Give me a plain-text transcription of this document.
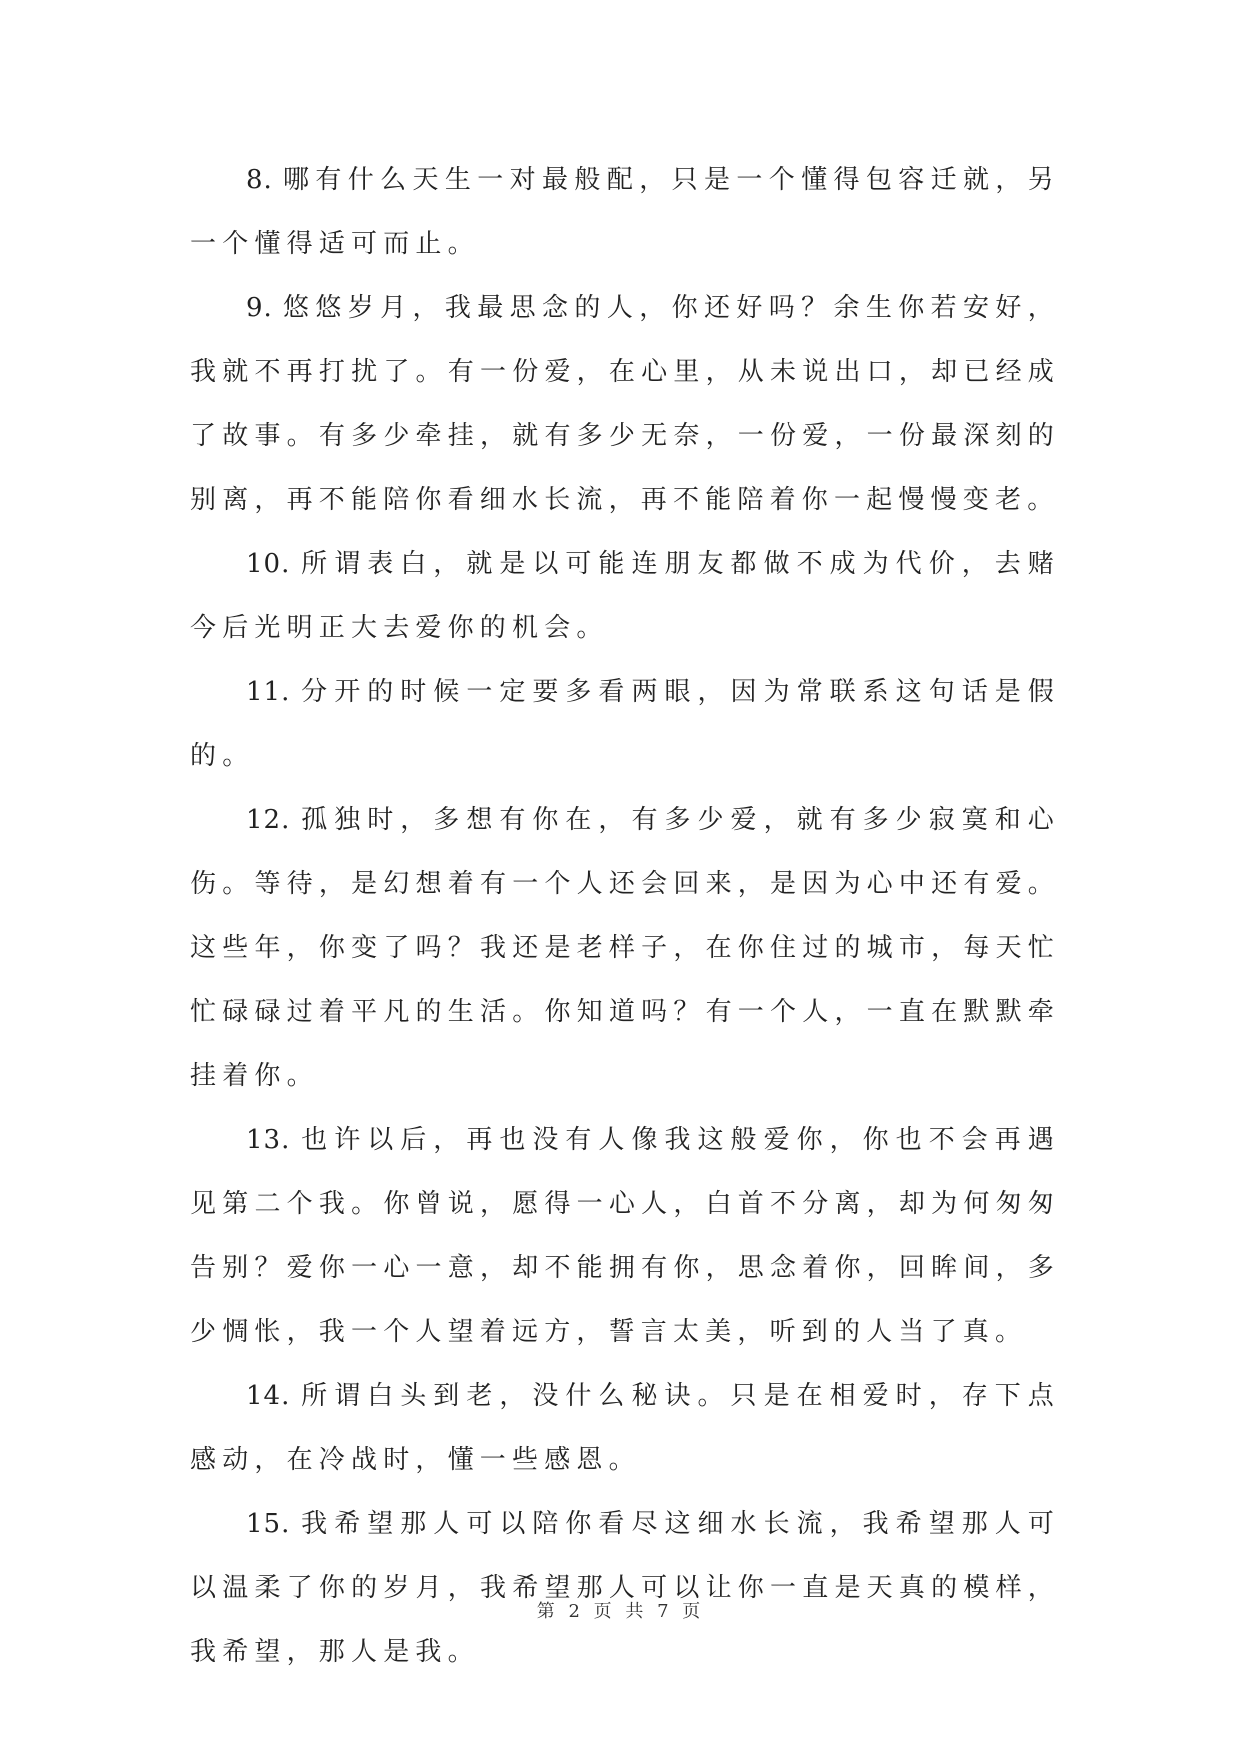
8. 哪有什么天生一对最般配，只是一个懂得包容迁就，另一个懂得适可而止。

9. 悠悠岁月，我最思念的人，你还好吗？余生你若安好，我就不再打扰了。有一份爱，在心里，从未说出口，却已经成了故事。有多少牵挂，就有多少无奈，一份爱，一份最深刻的别离，再不能陪你看细水长流，再不能陪着你一起慢慢变老。

10. 所谓表白，就是以可能连朋友都做不成为代价，去赌今后光明正大去爱你的机会。

11. 分开的时候一定要多看两眼，因为常联系这句话是假的。

12. 孤独时，多想有你在，有多少爱，就有多少寂寞和心伤。等待，是幻想着有一个人还会回来，是因为心中还有爱。这些年，你变了吗？我还是老样子，在你住过的城市，每天忙忙碌碌过着平凡的生活。你知道吗？有一个人，一直在默默牵挂着你。

13. 也许以后，再也没有人像我这般爱你，你也不会再遇见第二个我。你曾说，愿得一心人，白首不分离，却为何匆匆告别？爱你一心一意，却不能拥有你，思念着你，回眸间，多少惆怅，我一个人望着远方，誓言太美，听到的人当了真。

14. 所谓白头到老，没什么秘诀。只是在相爱时，存下点感动，在冷战时，懂一些感恩。

15. 我希望那人可以陪你看尽这细水长流，我希望那人可以温柔了你的岁月，我希望那人可以让你一直是天真的模样，我希望，那人是我。

第 2 页 共 7 页
